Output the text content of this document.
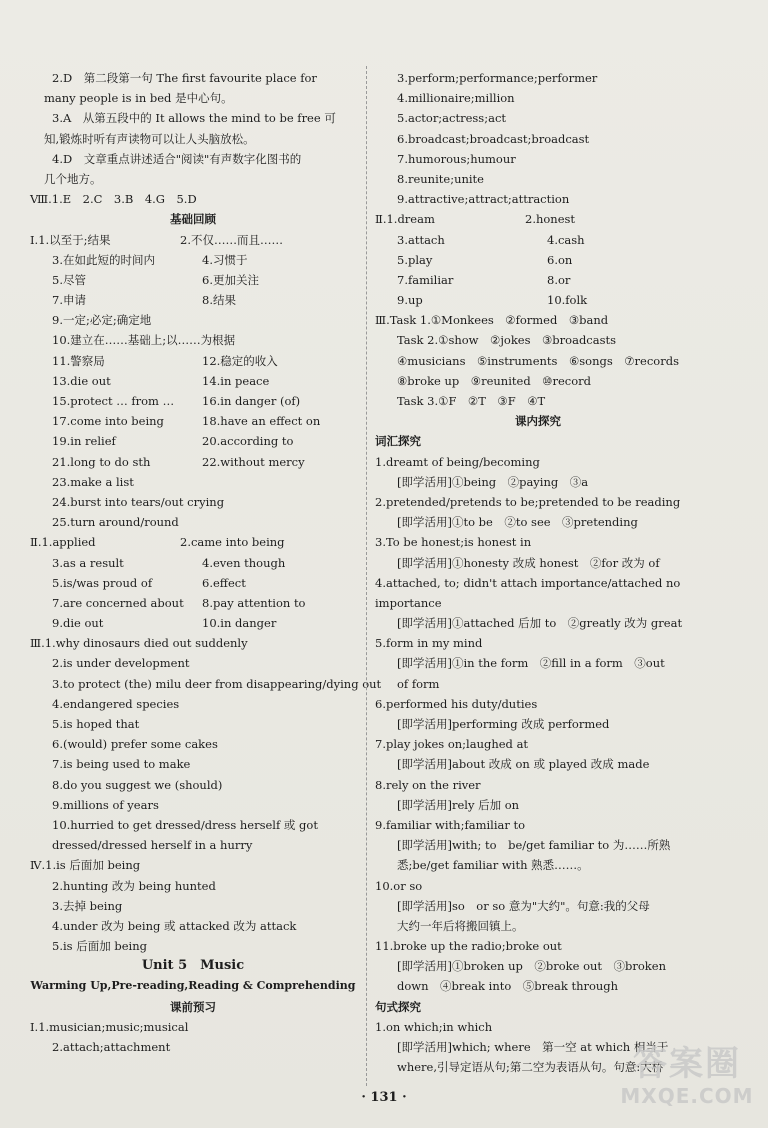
2.D　第二段第一句 The first favourite place for
many people is in bed 是中心句。
3.A　从第五段中的 It allows the mind to be free 可
知,锻炼时听有声读物可以让人头脑放松。
4.D　文章重点讲述适合"阅读"有声数字化图书的
几个地方。
Ⅷ.1.E　2.C　3.B　4.G　5.D
基础回顾
Ⅰ.1.以至于;结果	2.不仅……而且……
3.在如此短的时间内	4.习惯于
5.尽管	6.更加关注
7.申请	8.结果
9.一定;必定;确定地
10.建立在……基础上;以……为根据
11.警察局	12.稳定的收入
13.die out	14.in peace
15.protect … from …	16.in danger (of)
17.come into being	18.have an effect on
19.in relief	20.according to
21.long to do sth	22.without mercy
23.make a list
24.burst into tears/out crying
25.turn around/round
Ⅱ.1.applied	2.came into being
3.as a result	4.even though
5.is/was proud of	6.effect
7.are concerned about	8.pay attention to
9.die out	10.in danger
Ⅲ.1.why dinosaurs died out suddenly
2.is under development
3.to protect (the) milu deer from disappearing/dying out
4.endangered species
5.is hoped that
6.(would) prefer some cakes
7.is being used to make
8.do you suggest we (should)
9.millions of years
10.hurried to get dressed/dress herself 或 got
dressed/dressed herself in a hurry
Ⅳ.1.is 后面加 being
2.hunting 改为 being hunted
3.去掉 being
4.under 改为 being 或 attacked 改为 attack
5.is 后面加 being
Unit 5　Music
Warming Up,Pre-reading,Reading & Comprehending
课前预习
Ⅰ.1.musician;music;musical
2.attach;attachment
3.perform;performance;performer
4.millionaire;million
5.actor;actress;act
6.broadcast;broadcast;broadcast
7.humorous;humour
8.reunite;unite
9.attractive;attract;attraction
Ⅱ.1.dream	2.honest
3.attach	4.cash
5.play	6.on
7.familiar	8.or
9.up	10.folk
Ⅲ.Task 1.①Monkees　②formed　③band
Task 2.①show　②jokes　③broadcasts
④musicians　⑤instruments　⑥songs　⑦records
⑧broke up　⑨reunited　⑩record
Task 3.①F　②T　③F　④T
课内探究
词汇探究
1.dreamt of being/becoming
[即学活用]①being　②paying　③a
2.pretended/pretends to be;pretended to be reading
[即学活用]①to be　②to see　③pretending
3.To be honest;is honest in
[即学活用]①honesty 改成 honest　②for 改为 of
4.attached, to; didn't attach importance/attached no
importance
[即学活用]①attached 后加 to　②greatly 改为 great
5.form in my mind
[即学活用]①in the form　②fill in a form　③out
of form
6.performed his duty/duties
[即学活用]performing 改成 performed
7.play jokes on;laughed at
[即学活用]about 改成 on 或 played 改成 made
8.rely on the river
[即学活用]rely 后加 on
9.familiar with;familiar to
[即学活用]with; to　be/get familiar to 为……所熟
悉;be/get familiar with 熟悉……。
10.or so
[即学活用]so　or so 意为"大约"。句意:我的父母
大约一年后将搬回镇上。
11.broke up the radio;broke out
[即学活用]①broken up　②broke out　③broken
down　④break into　⑤break through
句式探究
1.on which;in which
[即学活用]which; where　第一空 at which 相当于
where,引导定语从句;第二空为表语从句。句意:大桥
· 131 ·
答案圈
MXQE.COM
